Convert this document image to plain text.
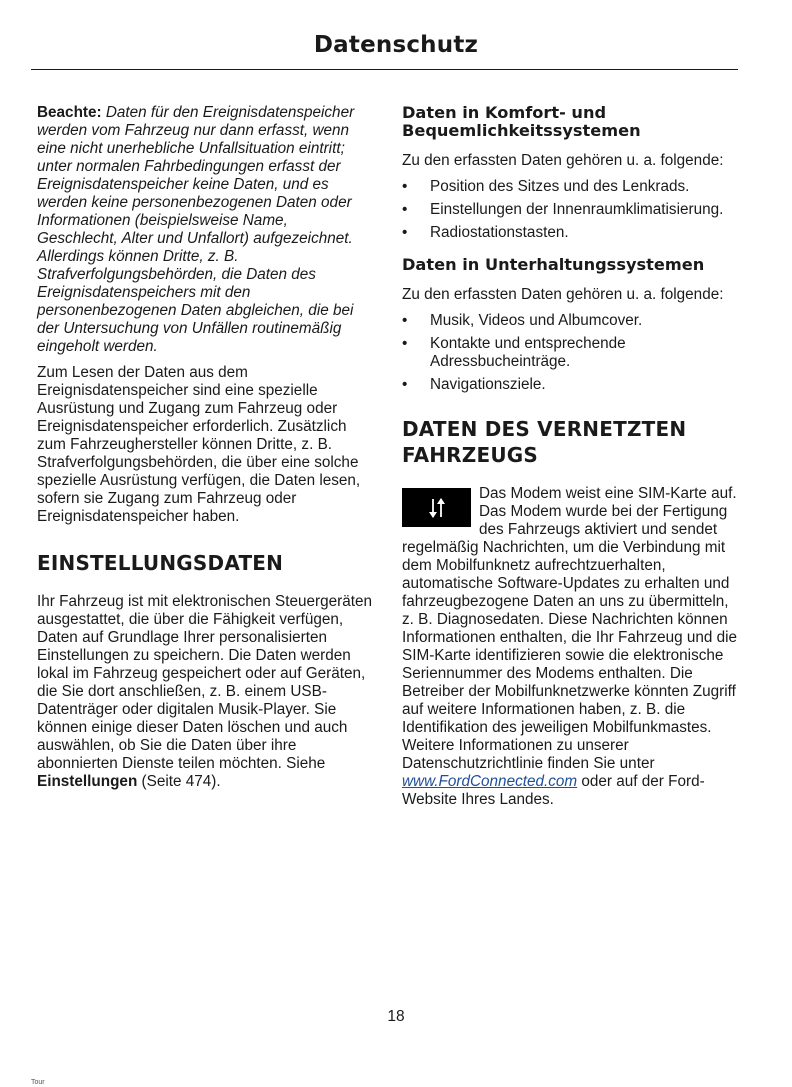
Datenschutz

Beachte: Daten für den Ereignisdatenspeicher werden vom Fahrzeug nur dann erfasst, wenn eine nicht unerhebliche Unfallsituation eintritt; unter normalen Fahrbedingungen erfasst der Ereignisdatenspeicher keine Daten, und es werden keine personenbezogenen Daten oder Informationen (beispielsweise Name, Geschlecht, Alter und Unfallort) aufgezeichnet. Allerdings können Dritte, z. B. Strafverfolgungsbehörden, die Daten des Ereignisdatenspeichers mit den personenbezogenen Daten abgleichen, die bei der Untersuchung von Unfällen routinemäßig eingeholt werden.

Zum Lesen der Daten aus dem Ereignisdatenspeicher sind eine spezielle Ausrüstung und Zugang zum Fahrzeug oder Ereignisdatenspeicher erforderlich. Zusätzlich zum Fahrzeughersteller können Dritte, z. B. Strafverfolgungsbehörden, die über eine solche spezielle Ausrüstung verfügen, die Daten lesen, sofern sie Zugang zum Fahrzeug oder Ereignisdatenspeicher haben.

EINSTELLUNGSDATEN

Ihr Fahrzeug ist mit elektronischen Steuergeräten ausgestattet, die über die Fähigkeit verfügen, Daten auf Grundlage Ihrer personalisierten Einstellungen zu speichern. Die Daten werden lokal im Fahrzeug gespeichert oder auf Geräten, die Sie dort anschließen, z. B. einem USB-Datenträger oder digitalen Musik-Player. Sie können einige dieser Daten löschen und auch auswählen, ob Sie die Daten über ihre abonnierten Dienste teilen möchten. Siehe Einstellungen (Seite 474).

Daten in Komfort- und Bequemlichkeitssystemen

Zu den erfassten Daten gehören u. a. folgende:

• Position des Sitzes und des Lenkrads.
• Einstellungen der Innenraumklimatisierung.
• Radiostationstasten.
Daten in Unterhaltungssystemen

Zu den erfassten Daten gehören u. a. folgende:

• Musik, Videos und Albumcover.
• Kontakte und entsprechende Adressbucheinträge.
• Navigationsziele.
DATEN DES VERNETZTEN FAHRZEUGS
Das Modem weist eine SIM-Karte auf. Das Modem wurde bei der Fertigung des Fahrzeugs aktiviert und sendet regelmäßig Nachrichten, um die Verbindung mit dem Mobilfunknetz aufrechtzuerhalten, automatische Software-Updates zu erhalten und fahrzeugbezogene Daten an uns zu übermitteln, z. B. Diagnosedaten. Diese Nachrichten können Informationen enthalten, die Ihr Fahrzeug und die SIM-Karte identifizieren sowie die elektronische Seriennummer des Modems enthalten. Die Betreiber der Mobilfunknetzwerke könnten Zugriff auf weitere Informationen haben, z. B. die Identifikation des jeweiligen Mobilfunkmastes. Weitere Informationen zu unserer Datenschutzrichtlinie finden Sie unter www.FordConnected.com oder auf der Ford-Website Ihres Landes.
18
Tour
